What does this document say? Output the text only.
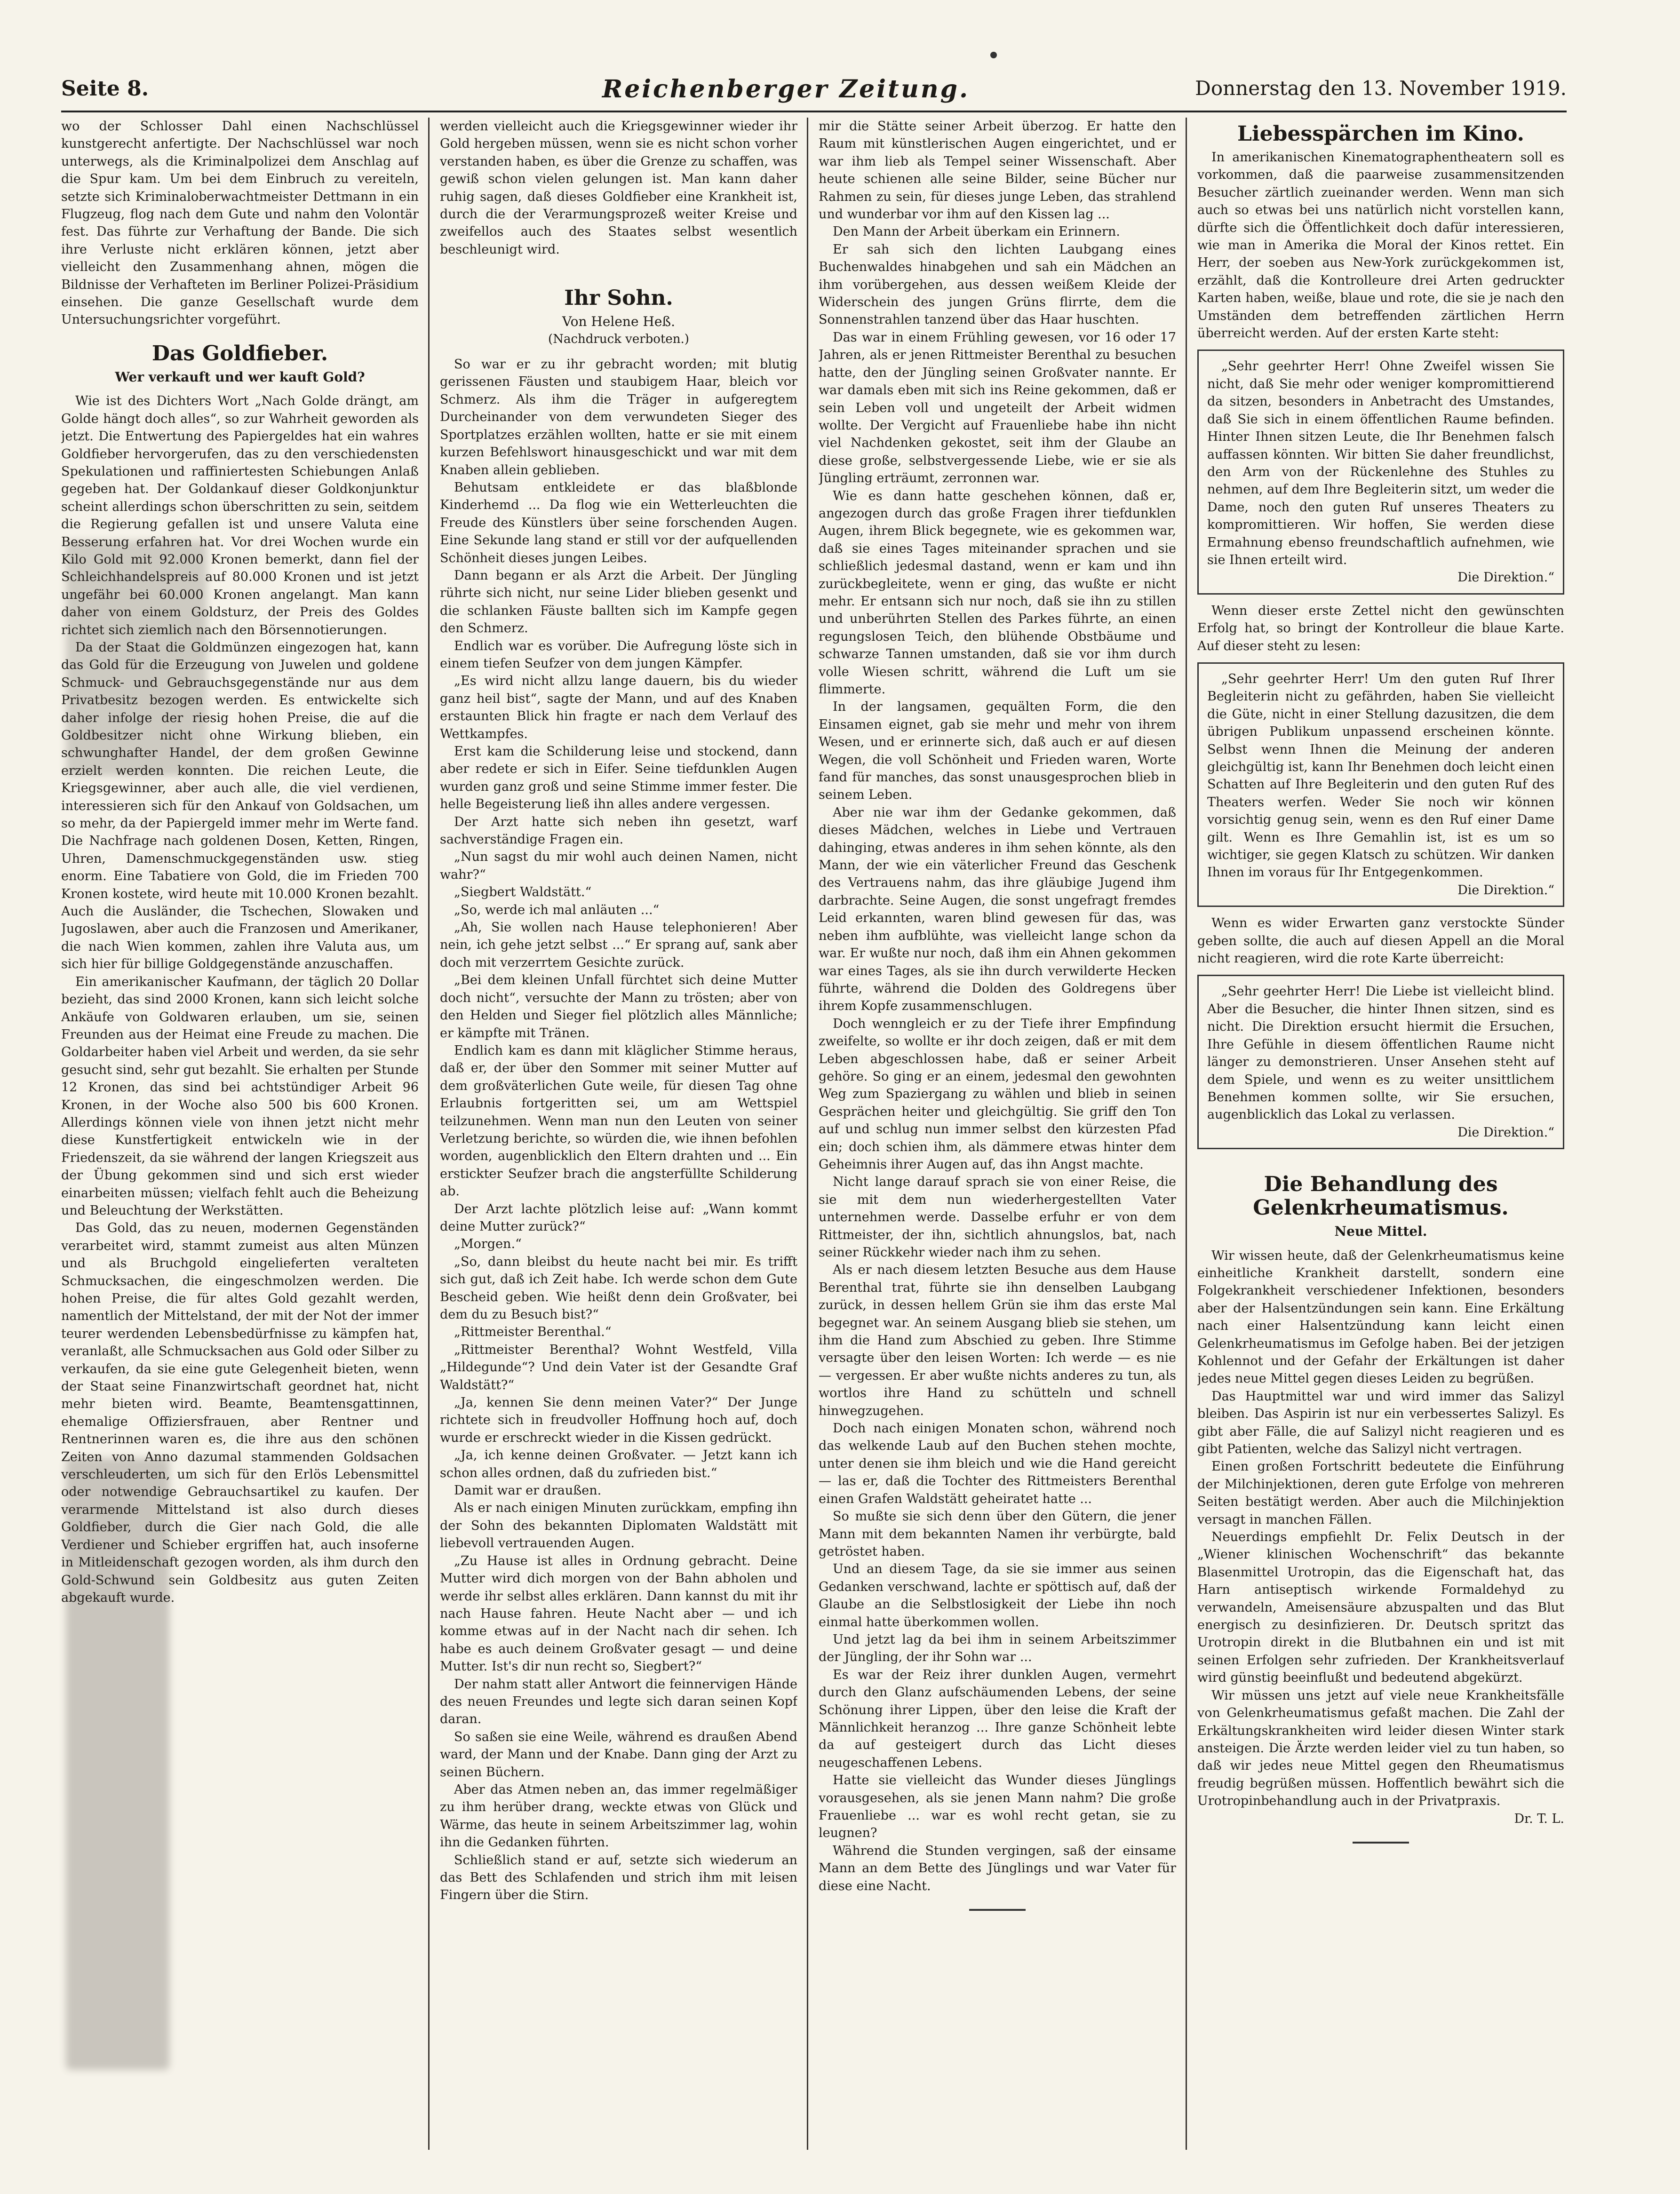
Seite 8.	Reichenberger Zeitung.	Donnerstag den 13. November 1919.

wo der Schlosser Dahl einen Nachschlüssel kunstgerecht anfertigte. Der Nachschlüssel war noch unterwegs, als die Kriminalpolizei dem Anschlag auf die Spur kam. Um bei dem Einbruch zu vereiteln, setzte sich Kriminaloberwachtmeister Dettmann in ein Flugzeug, flog nach dem Gute und nahm den Volontär fest. Das führte zur Verhaftung der Bande. Die sich ihre Verluste nicht erklären können, jetzt aber vielleicht den Zusammenhang ahnen, mögen die Bildnisse der Verhafteten im Berliner Polizei-Präsidium einsehen. Die ganze Gesellschaft wurde dem Untersuchungsrichter vorgeführt.

Das Goldfieber.
Wer verkauft und wer kauft Gold?

Wie ist des Dichters Wort „Nach Golde drängt, am Golde hängt doch alles“, so zur Wahrheit geworden als jetzt. Die Entwertung des Papiergeldes hat ein wahres Goldfieber hervorgerufen, das zu den verschiedensten Spekulationen und raffiniertesten Schiebungen Anlaß gegeben hat. Der Goldankauf dieser Goldkonjunktur scheint allerdings schon überschritten zu sein, seitdem die Regierung gefallen ist und unsere Valuta eine Besserung erfahren hat. Vor drei Wochen wurde ein Kilo Gold mit 92.000 Kronen bemerkt, dann fiel der Schleichhandelspreis auf 80.000 Kronen und ist jetzt ungefähr bei 60.000 Kronen angelangt. Man kann daher von einem Goldsturz, der Preis des Goldes richtet sich ziemlich nach den Börsennotierungen.

Da der Staat die Goldmünzen eingezogen hat, kann das Gold für die Erzeugung von Juwelen und goldene Schmuck- und Gebrauchsgegenstände nur aus dem Privatbesitz bezogen werden. Es entwickelte sich daher infolge der riesig hohen Preise, die auf die Goldbesitzer nicht ohne Wirkung blieben, ein schwunghafter Handel, der dem großen Gewinne erzielt werden konnten. Die reichen Leute, die Kriegsgewinner, aber auch alle, die viel verdienen, interessieren sich für den Ankauf von Goldsachen, um so mehr, da der Papiergeld immer mehr im Werte fand. Die Nachfrage nach goldenen Dosen, Ketten, Ringen, Uhren, Damenschmuckgegenständen usw. stieg enorm. Eine Tabatiere von Gold, die im Frieden 700 Kronen kostete, wird heute mit 10.000 Kronen bezahlt. Auch die Ausländer, die Tschechen, Slowaken und Jugoslawen, aber auch die Franzosen und Amerikaner, die nach Wien kommen, zahlen ihre Valuta aus, um sich hier für billige Goldgegenstände anzuschaffen.

Ein amerikanischer Kaufmann, der täglich 20 Dollar bezieht, das sind 2000 Kronen, kann sich leicht solche Ankäufe von Goldwaren erlauben, um sie, seinen Freunden aus der Heimat eine Freude zu machen. Die Goldarbeiter haben viel Arbeit und werden, da sie sehr gesucht sind, sehr gut bezahlt. Sie erhalten per Stunde 12 Kronen, das sind bei achtstündiger Arbeit 96 Kronen, in der Woche also 500 bis 600 Kronen. Allerdings können viele von ihnen jetzt nicht mehr diese Kunstfertigkeit entwickeln wie in der Friedenszeit, da sie während der langen Kriegszeit aus der Übung gekommen sind und sich erst wieder einarbeiten müssen; vielfach fehlt auch die Beheizung und Beleuchtung der Werkstätten.

Das Gold, das zu neuen, modernen Gegenständen verarbeitet wird, stammt zumeist aus alten Münzen und als Bruchgold eingelieferten veralteten Schmucksachen, die eingeschmolzen werden. Die hohen Preise, die für altes Gold gezahlt werden, namentlich der Mittelstand, der mit der Not der immer teurer werdenden Lebensbedürfnisse zu kämpfen hat, veranlaßt, alle Schmucksachen aus Gold oder Silber zu verkaufen, da sie eine gute Gelegenheit bieten, wenn der Staat seine Finanzwirtschaft geordnet hat, nicht mehr bieten wird. Beamte, Beamtensgattinnen, ehemalige Offiziersfrauen, aber Rentner und Rentnerinnen waren es, die ihre aus den schönen Zeiten von Anno dazumal stammenden Goldsachen verschleuderten, um sich für den Erlös Lebensmittel oder notwendige Gebrauchsartikel zu kaufen. Der verarmende Mittelstand ist also durch dieses Goldfieber, durch die Gier nach Gold, die alle Verdiener und Schieber ergriffen hat, auch insoferne in Mitleidenschaft gezogen worden, als ihm durch den Gold-Schwund sein Goldbesitz aus guten Zeiten abgekauft wurde.

werden vielleicht auch die Kriegsgewinner wieder ihr Gold hergeben müssen, wenn sie es nicht schon vorher verstanden haben, es über die Grenze zu schaffen, was gewiß schon vielen gelungen ist. Man kann daher ruhig sagen, daß dieses Goldfieber eine Krankheit ist, durch die der Verarmungsprozeß weiter Kreise und zweifellos auch des Staates selbst wesentlich beschleunigt wird.

Ihr Sohn.
Von Helene Heß.
(Nachdruck verboten.)

So war er zu ihr gebracht worden; mit blutig gerissenen Fäusten und staubigem Haar, bleich vor Schmerz. Als ihm die Träger in aufgeregtem Durcheinander von dem verwundeten Sieger des Sportplatzes erzählen wollten, hatte er sie mit einem kurzen Befehlswort hinausgeschickt und war mit dem Knaben allein geblieben.

Behutsam entkleidete er das blaßblonde Kinderhemd ... Da flog wie ein Wetterleuchten die Freude des Künstlers über seine forschenden Augen. Eine Sekunde lang stand er still vor der aufquellenden Schönheit dieses jungen Leibes.

Dann begann er als Arzt die Arbeit. Der Jüngling rührte sich nicht, nur seine Lider blieben gesenkt und die schlanken Fäuste ballten sich im Kampfe gegen den Schmerz.

Endlich war es vorüber. Die Aufregung löste sich in einem tiefen Seufzer von dem jungen Kämpfer.

„Es wird nicht allzu lange dauern, bis du wieder ganz heil bist“, sagte der Mann, und auf des Knaben erstaunten Blick hin fragte er nach dem Verlauf des Wettkampfes.

Erst kam die Schilderung leise und stockend, dann aber redete er sich in Eifer. Seine tiefdunklen Augen wurden ganz groß und seine Stimme immer fester. Die helle Begeisterung ließ ihn alles andere vergessen.

Der Arzt hatte sich neben ihn gesetzt, warf sachverständige Fragen ein.

„Nun sagst du mir wohl auch deinen Namen, nicht wahr?“

„Siegbert Waldstätt.“

„So, werde ich mal anläuten ...“

„Ah, Sie wollen nach Hause telephonieren! Aber nein, ich gehe jetzt selbst ...“ Er sprang auf, sank aber doch mit verzerrtem Gesichte zurück.

„Bei dem kleinen Unfall fürchtet sich deine Mutter doch nicht“, versuchte der Mann zu trösten; aber von den Helden und Sieger fiel plötzlich alles Männliche; er kämpfte mit Tränen.

Endlich kam es dann mit kläglicher Stimme heraus, daß er, der über den Sommer mit seiner Mutter auf dem großväterlichen Gute weile, für diesen Tag ohne Erlaubnis fortgeritten sei, um am Wettspiel teilzunehmen. Wenn man nun den Leuten von seiner Verletzung berichte, so würden die, wie ihnen befohlen worden, augenblicklich den Eltern drahten und ... Ein erstickter Seufzer brach die angsterfüllte Schilderung ab.

Der Arzt lachte plötzlich leise auf: „Wann kommt deine Mutter zurück?“

„Morgen.“

„So, dann bleibst du heute nacht bei mir. Es trifft sich gut, daß ich Zeit habe. Ich werde schon dem Gute Bescheid geben. Wie heißt denn dein Großvater, bei dem du zu Besuch bist?“

„Rittmeister Berenthal.“

„Rittmeister Berenthal? Wohnt Westfeld, Villa „Hildegunde“? Und dein Vater ist der Gesandte Graf Waldstätt?“

„Ja, kennen Sie denn meinen Vater?“ Der Junge richtete sich in freudvoller Hoffnung hoch auf, doch wurde er erschreckt wieder in die Kissen gedrückt.

„Ja, ich kenne deinen Großvater. — Jetzt kann ich schon alles ordnen, daß du zufrieden bist.“

Damit war er draußen.

Als er nach einigen Minuten zurückkam, empfing ihn der Sohn des bekannten Diplomaten Waldstätt mit liebevoll vertrauenden Augen.

„Zu Hause ist alles in Ordnung gebracht. Deine Mutter wird dich morgen von der Bahn abholen und werde ihr selbst alles erklären. Dann kannst du mit ihr nach Hause fahren. Heute Nacht aber — und ich komme etwas auf in der Nacht nach dir sehen. Ich habe es auch deinem Großvater gesagt — und deine Mutter. Ist's dir nun recht so, Siegbert?“

Der nahm statt aller Antwort die feinnervigen Hände des neuen Freundes und legte sich daran seinen Kopf daran.

So saßen sie eine Weile, während es draußen Abend ward, der Mann und der Knabe. Dann ging der Arzt zu seinen Büchern.

Aber das Atmen neben an, das immer regelmäßiger zu ihm herüber drang, weckte etwas von Glück und Wärme, das heute in seinem Arbeitszimmer lag, wohin ihn die Gedanken führten.

Schließlich stand er auf, setzte sich wiederum an das Bett des Schlafenden und strich ihm mit leisen Fingern über die Stirn.

mir die Stätte seiner Arbeit überzog. Er hatte den Raum mit künstlerischen Augen eingerichtet, und er war ihm lieb als Tempel seiner Wissenschaft. Aber heute schienen alle seine Bilder, seine Bücher nur Rahmen zu sein, für dieses junge Leben, das strahlend und wunderbar vor ihm auf den Kissen lag ...

Den Mann der Arbeit überkam ein Erinnern.

Er sah sich den lichten Laubgang eines Buchenwaldes hinabgehen und sah ein Mädchen an ihm vorübergehen, aus dessen weißem Kleide der Widerschein des jungen Grüns flirrte, dem die Sonnenstrahlen tanzend über das Haar huschten.

Das war in einem Frühling gewesen, vor 16 oder 17 Jahren, als er jenen Rittmeister Berenthal zu besuchen hatte, den der Jüngling seinen Großvater nannte. Er war damals eben mit sich ins Reine gekommen, daß er sein Leben voll und ungeteilt der Arbeit widmen wollte. Der Vergicht auf Frauenliebe habe ihn nicht viel Nachdenken gekostet, seit ihm der Glaube an diese große, selbstvergessende Liebe, wie er sie als Jüngling erträumt, zerronnen war.

Wie es dann hatte geschehen können, daß er, angezogen durch das große Fragen ihrer tiefdunklen Augen, ihrem Blick begegnete, wie es gekommen war, daß sie eines Tages miteinander sprachen und sie schließlich jedesmal dastand, wenn er kam und ihn zurückbegleitete, wenn er ging, das wußte er nicht mehr. Er entsann sich nur noch, daß sie ihn zu stillen und unberührten Stellen des Parkes führte, an einen regungslosen Teich, den blühende Obstbäume und schwarze Tannen umstanden, daß sie vor ihm durch volle Wiesen schritt, während die Luft um sie flimmerte.

In der langsamen, gequälten Form, die den Einsamen eignet, gab sie mehr und mehr von ihrem Wesen, und er erinnerte sich, daß auch er auf diesen Wegen, die voll Schönheit und Frieden waren, Worte fand für manches, das sonst unausgesprochen blieb in seinem Leben.

Aber nie war ihm der Gedanke gekommen, daß dieses Mädchen, welches in Liebe und Vertrauen dahinging, etwas anderes in ihm sehen könnte, als den Mann, der wie ein väterlicher Freund das Geschenk des Vertrauens nahm, das ihre gläubige Jugend ihm darbrachte. Seine Augen, die sonst ungefragt fremdes Leid erkannten, waren blind gewesen für das, was neben ihm aufblühte, was vielleicht lange schon da war. Er wußte nur noch, daß ihm ein Ahnen gekommen war eines Tages, als sie ihn durch verwilderte Hecken führte, während die Dolden des Goldregens über ihrem Kopfe zusammenschlugen.

Doch wenngleich er zu der Tiefe ihrer Empfindung zweifelte, so wollte er ihr doch zeigen, daß er mit dem Leben abgeschlossen habe, daß er seiner Arbeit gehöre. So ging er an einem, jedesmal den gewohnten Weg zum Spaziergang zu wählen und blieb in seinen Gesprächen heiter und gleichgültig. Sie griff den Ton auf und schlug nun immer selbst den kürzesten Pfad ein; doch schien ihm, als dämmere etwas hinter dem Geheimnis ihrer Augen auf, das ihn Angst machte.

Nicht lange darauf sprach sie von einer Reise, die sie mit dem nun wiederhergestellten Vater unternehmen werde. Dasselbe erfuhr er von dem Rittmeister, der ihn, sichtlich ahnungslos, bat, nach seiner Rückkehr wieder nach ihm zu sehen.

Als er nach diesem letzten Besuche aus dem Hause Berenthal trat, führte sie ihn denselben Laubgang zurück, in dessen hellem Grün sie ihm das erste Mal begegnet war. An seinem Ausgang blieb sie stehen, um ihm die Hand zum Abschied zu geben. Ihre Stimme versagte über den leisen Worten: Ich werde — es nie — vergessen. Er aber wußte nichts anderes zu tun, als wortlos ihre Hand zu schütteln und schnell hinwegzugehen.

Doch nach einigen Monaten schon, während noch das welkende Laub auf den Buchen stehen mochte, unter denen sie ihm bleich und wie die Hand gereicht — las er, daß die Tochter des Rittmeisters Berenthal einen Grafen Waldstätt geheiratet hatte ...

So mußte sie sich denn über den Gütern, die jener Mann mit dem bekannten Namen ihr verbürgte, bald getröstet haben.

Und an diesem Tage, da sie sie immer aus seinen Gedanken verschwand, lachte er spöttisch auf, daß der Glaube an die Selbstlosigkeit der Liebe ihn noch einmal hatte überkommen wollen.

Und jetzt lag da bei ihm in seinem Arbeitszimmer der Jüngling, der ihr Sohn war ...

Es war der Reiz ihrer dunklen Augen, vermehrt durch den Glanz aufschäumenden Lebens, der seine Schönung ihrer Lippen, über den leise die Kraft der Männlichkeit heranzog ... Ihre ganze Schönheit lebte da auf gesteigert durch das Licht dieses neugeschaffenen Lebens.

Hatte sie vielleicht das Wunder dieses Jünglings vorausgesehen, als sie jenen Mann nahm? Die große Frauenliebe ... war es wohl recht getan, sie zu leugnen?

Während die Stunden vergingen, saß der einsame Mann an dem Bette des Jünglings und war Vater für diese eine Nacht.

Liebesspärchen im Kino.

In amerikanischen Kinematographentheatern soll es vorkommen, daß die paarweise zusammensitzenden Besucher zärtlich zueinander werden. Wenn man sich auch so etwas bei uns natürlich nicht vorstellen kann, dürfte sich die Öffentlichkeit doch dafür interessieren, wie man in Amerika die Moral der Kinos rettet. Ein Herr, der soeben aus New-York zurückgekommen ist, erzählt, daß die Kontrolleure drei Arten gedruckter Karten haben, weiße, blaue und rote, die sie je nach den Umständen dem betreffenden zärtlichen Herrn überreicht werden. Auf der ersten Karte steht:

„Sehr geehrter Herr! Ohne Zweifel wissen Sie nicht, daß Sie mehr oder weniger kompromittierend da sitzen, besonders in Anbetracht des Umstandes, daß Sie sich in einem öffentlichen Raume befinden. Hinter Ihnen sitzen Leute, die Ihr Benehmen falsch auffassen könnten. Wir bitten Sie daher freundlichst, den Arm von der Rückenlehne des Stuhles zu nehmen, auf dem Ihre Begleiterin sitzt, um weder die Dame, noch den guten Ruf unseres Theaters zu kompromittieren. Wir hoffen, Sie werden diese Ermahnung ebenso freundschaftlich aufnehmen, wie sie Ihnen erteilt wird.

Die Direktion.“

Wenn dieser erste Zettel nicht den gewünschten Erfolg hat, so bringt der Kontrolleur die blaue Karte. Auf dieser steht zu lesen:

„Sehr geehrter Herr! Um den guten Ruf Ihrer Begleiterin nicht zu gefährden, haben Sie vielleicht die Güte, nicht in einer Stellung dazusitzen, die dem übrigen Publikum unpassend erscheinen könnte. Selbst wenn Ihnen die Meinung der anderen gleichgültig ist, kann Ihr Benehmen doch leicht einen Schatten auf Ihre Begleiterin und den guten Ruf des Theaters werfen. Weder Sie noch wir können vorsichtig genug sein, wenn es den Ruf einer Dame gilt. Wenn es Ihre Gemahlin ist, ist es um so wichtiger, sie gegen Klatsch zu schützen. Wir danken Ihnen im voraus für Ihr Entgegenkommen.

Die Direktion.“

Wenn es wider Erwarten ganz verstockte Sünder geben sollte, die auch auf diesen Appell an die Moral nicht reagieren, wird die rote Karte überreicht:

„Sehr geehrter Herr! Die Liebe ist vielleicht blind. Aber die Besucher, die hinter Ihnen sitzen, sind es nicht. Die Direktion ersucht hiermit die Ersuchen, Ihre Gefühle in diesem öffentlichen Raume nicht länger zu demonstrieren. Unser Ansehen steht auf dem Spiele, und wenn es zu weiter unsittlichem Benehmen kommen sollte, wir Sie ersuchen, augenblicklich das Lokal zu verlassen.

Die Direktion.“

Die Behandlung des Gelenkrheumatismus.
Neue Mittel.

Wir wissen heute, daß der Gelenkrheumatismus keine einheitliche Krankheit darstellt, sondern eine Folgekrankheit verschiedener Infektionen, besonders aber der Halsentzündungen sein kann. Eine Erkältung nach einer Halsentzündung kann leicht einen Gelenkrheumatismus im Gefolge haben. Bei der jetzigen Kohlennot und der Gefahr der Erkältungen ist daher jedes neue Mittel gegen dieses Leiden zu begrüßen.

Das Hauptmittel war und wird immer das Salizyl bleiben. Das Aspirin ist nur ein verbessertes Salizyl. Es gibt aber Fälle, die auf Salizyl nicht reagieren und es gibt Patienten, welche das Salizyl nicht vertragen.

Einen großen Fortschritt bedeutete die Einführung der Milchinjektionen, deren gute Erfolge von mehreren Seiten bestätigt werden. Aber auch die Milchinjektion versagt in manchen Fällen.

Neuerdings empfiehlt Dr. Felix Deutsch in der „Wiener klinischen Wochenschrift“ das bekannte Blasenmittel Urotropin, das die Eigenschaft hat, das Harn antiseptisch wirkende Formaldehyd zu verwandeln, Ameisensäure abzuspalten und das Blut energisch zu desinfizieren. Dr. Deutsch spritzt das Urotropin direkt in die Blutbahnen ein und ist mit seinen Erfolgen sehr zufrieden. Der Krankheitsverlauf wird günstig beeinflußt und bedeutend abgekürzt.

Wir müssen uns jetzt auf viele neue Krankheitsfälle von Gelenkrheumatismus gefaßt machen. Die Zahl der Erkältungskrankheiten wird leider diesen Winter stark ansteigen. Die Ärzte werden leider viel zu tun haben, so daß wir jedes neue Mittel gegen den Rheumatismus freudig begrüßen müssen. Hoffentlich bewährt sich die Urotropinbehandlung auch in der Privatpraxis.

Dr. T. L.
